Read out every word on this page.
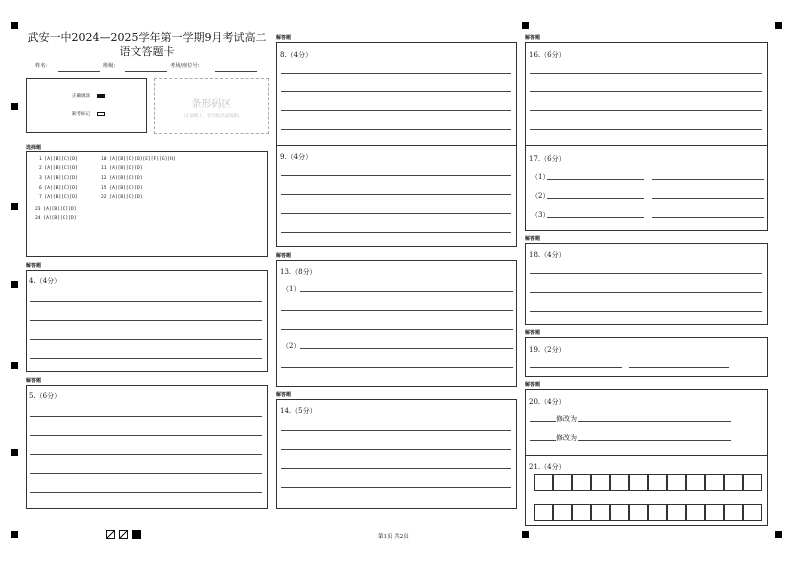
武安一中2024—2025学年第一学期9月考试高二
语文答题卡
姓名:	班级:	考场/座位号:
正确填涂
缺考标记
条形码区
(正面朝上，切勿贴出虚线框)
选择题
1 [A][B][C][D]
2 [A][B][C][D]
3 [A][B][C][D]
6 [A][B][C][D]
7 [A][B][C][D]
23 [A][B][C][D]
24 [A][B][C][D]
10 [A][B][C][D][E][F][G][H]
11 [A][B][C][D]
12 [A][B][C][D]
15 [A][B][C][D]
22 [A][B][C][D]
解答题
4.（4分）
解答题
5.（6分）
解答题
8.（4分）
9.（4分）
解答题
13.（8分）
（1）
（2）
解答题
14.（5分）
解答题
16.（6分）
17.（6分）
（1）
（2）
（3）
解答题
18.（4分）
解答题
19.（2分）
解答题
20.（4分）
修改为
修改为
21.（4分）
第1页 共2页
